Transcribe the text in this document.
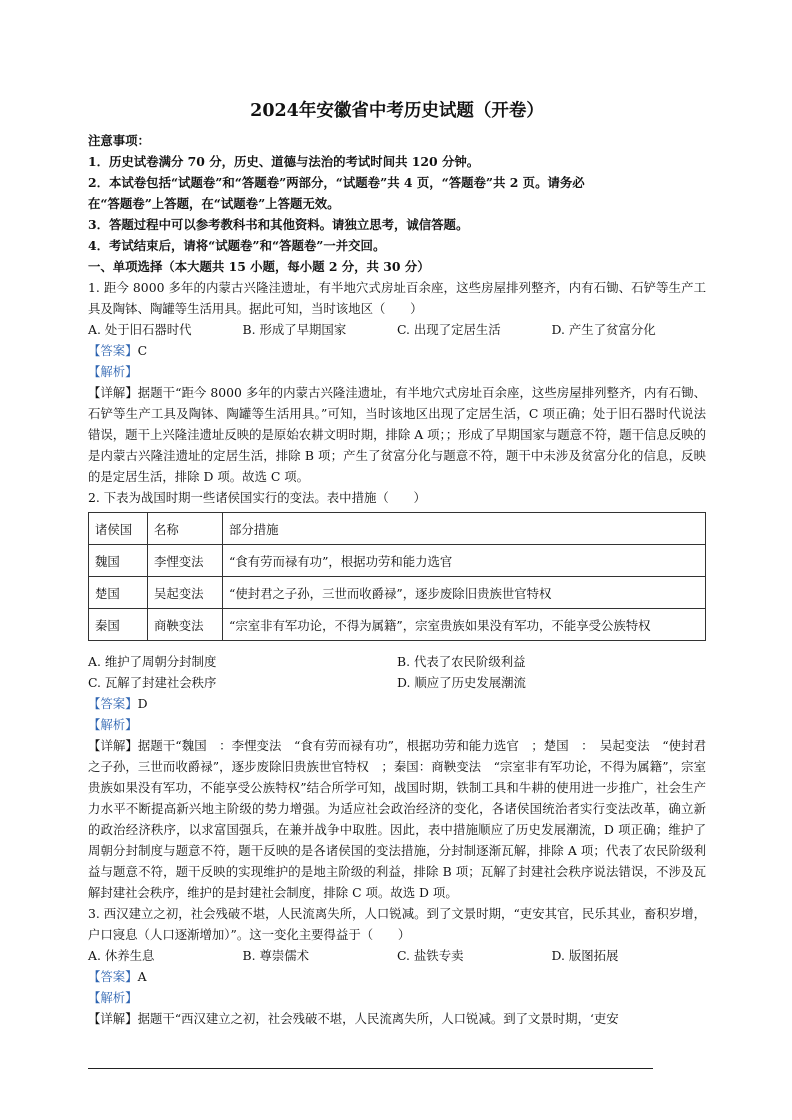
2024年安徽省中考历史试题（开卷）
注意事项：
1．历史试卷满分 70 分，历史、道德与法治的考试时间共 120 分钟。
2．本试卷包括“试题卷”和“答题卷”两部分，“试题卷”共 4 页，“答题卷”共 2 页。请务必
在“答题卷”上答题，在“试题卷”上答题无效。
3．答题过程中可以参考教科书和其他资料。请独立思考，诚信答题。
4．考试结束后，请将“试题卷”和“答题卷”一并交回。
一、单项选择（本大题共 15 小题，每小题 2 分，共 30 分）
1. 距今 8000 多年的内蒙古兴隆洼遗址，有半地穴式房址百余座，这些房屋排列整齐，内有石锄、石铲等生产工具及陶钵、陶罐等生活用具。据此可知，当时该地区（　　）
A. 处于旧石器时代	B. 形成了早期国家	C. 出现了定居生活	D. 产生了贫富分化
【答案】C
【解析】
【详解】据题干“距今 8000 多年的内蒙古兴隆洼遗址，有半地穴式房址百余座，这些房屋排列整齐，内有石锄、石铲等生产工具及陶钵、陶罐等生活用具。”可知，当时该地区出现了定居生活，C 项正确；处于旧石器时代说法错误，题干上兴隆洼遗址反映的是原始农耕文明时期，排除 A 项；；形成了早期国家与题意不符，题干信息反映的是内蒙古兴隆洼遗址的定居生活，排除 B 项；产生了贫富分化与题意不符，题干中未涉及贫富分化的信息，反映的是定居生活，排除 D 项。故选 C 项。
2. 下表为战国时期一些诸侯国实行的变法。表中措施（　　）
诸侯国	名称	部分措施
魏国	李悝变法	“食有劳而禄有功”，根据功劳和能力选官
楚国	吴起变法	“使封君之子孙，三世而收爵禄”，逐步废除旧贵族世官特权
秦国	商鞅变法	“宗室非有军功论，不得为属籍”，宗室贵族如果没有军功，不能享受公族特权
A. 维护了周朝分封制度	B. 代表了农民阶级利益
C. 瓦解了封建社会秩序	D. 顺应了历史发展潮流
【答案】D
【解析】
【详解】据题干“魏国　：李悝变法　“食有劳而禄有功”，根据功劳和能力选官　；楚国　：　吴起变法　“使封君之子孙，三世而收爵禄”，逐步废除旧贵族世官特权　；秦国：商鞅变法　“宗室非有军功论，不得为属籍”，宗室贵族如果没有军功，不能享受公族特权”结合所学可知，战国时期，铁制工具和牛耕的使用进一步推广，社会生产力水平不断提高新兴地主阶级的势力增强。为适应社会政治经济的变化，各诸侯国统治者实行变法改革，确立新的政治经济秩序，以求富国强兵，在兼并战争中取胜。因此，表中措施顺应了历史发展潮流，D 项正确；维护了周朝分封制度与题意不符，题干反映的是各诸侯国的变法措施，分封制逐渐瓦解，排除 A 项；代表了农民阶级利益与题意不符，题干反映的实现维护的是地主阶级的利益，排除 B 项；瓦解了封建社会秩序说法错误，不涉及瓦解封建社会秩序，维护的是封建社会制度，排除 C 项。故选 D 项。
3. 西汉建立之初，社会残破不堪，人民流离失所，人口锐减。到了文景时期，“吏安其官，民乐其业，畜积岁增，户口寖息（人口逐渐增加）”。这一变化主要得益于（　　）
A. 休养生息	B. 尊崇儒术	C. 盐铁专卖	D. 版图拓展
【答案】A
【解析】
【详解】据题干“西汉建立之初，社会残破不堪，人民流离失所，人口锐减。到了文景时期，‘吏安
